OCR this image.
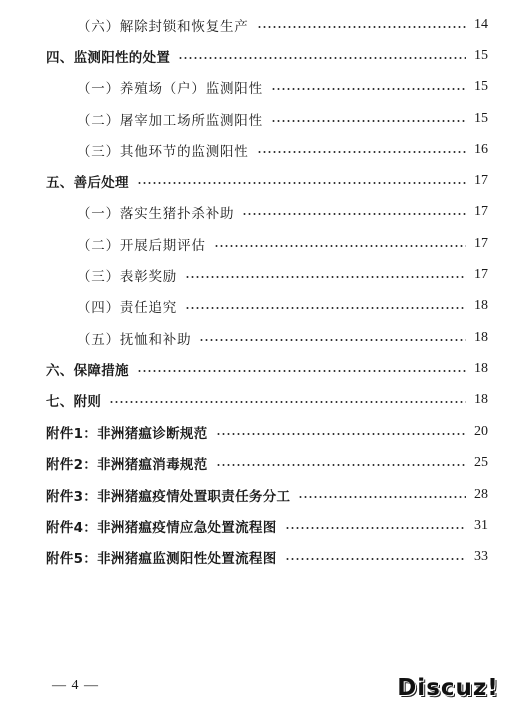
（六）解除封锁和恢复生产	14
四、监测阳性的处置	15
（一）养殖场（户）监测阳性	15
（二）屠宰加工场所监测阳性	15
（三）其他环节的监测阳性	16
五、善后处理	17
（一）落实生猪扑杀补助	17
（二）开展后期评估	17
（三）表彰奖励	17
（四）责任追究	18
（五）抚恤和补助	18
六、保障措施	18
七、附则	18
附件1：非洲猪瘟诊断规范	20
附件2：非洲猪瘟消毒规范	25
附件3：非洲猪瘟疫情处置职责任务分工	28
附件4：非洲猪瘟疫情应急处置流程图	31
附件5：非洲猪瘟监测阳性处置流程图	33
— 4 —	Discuz!
